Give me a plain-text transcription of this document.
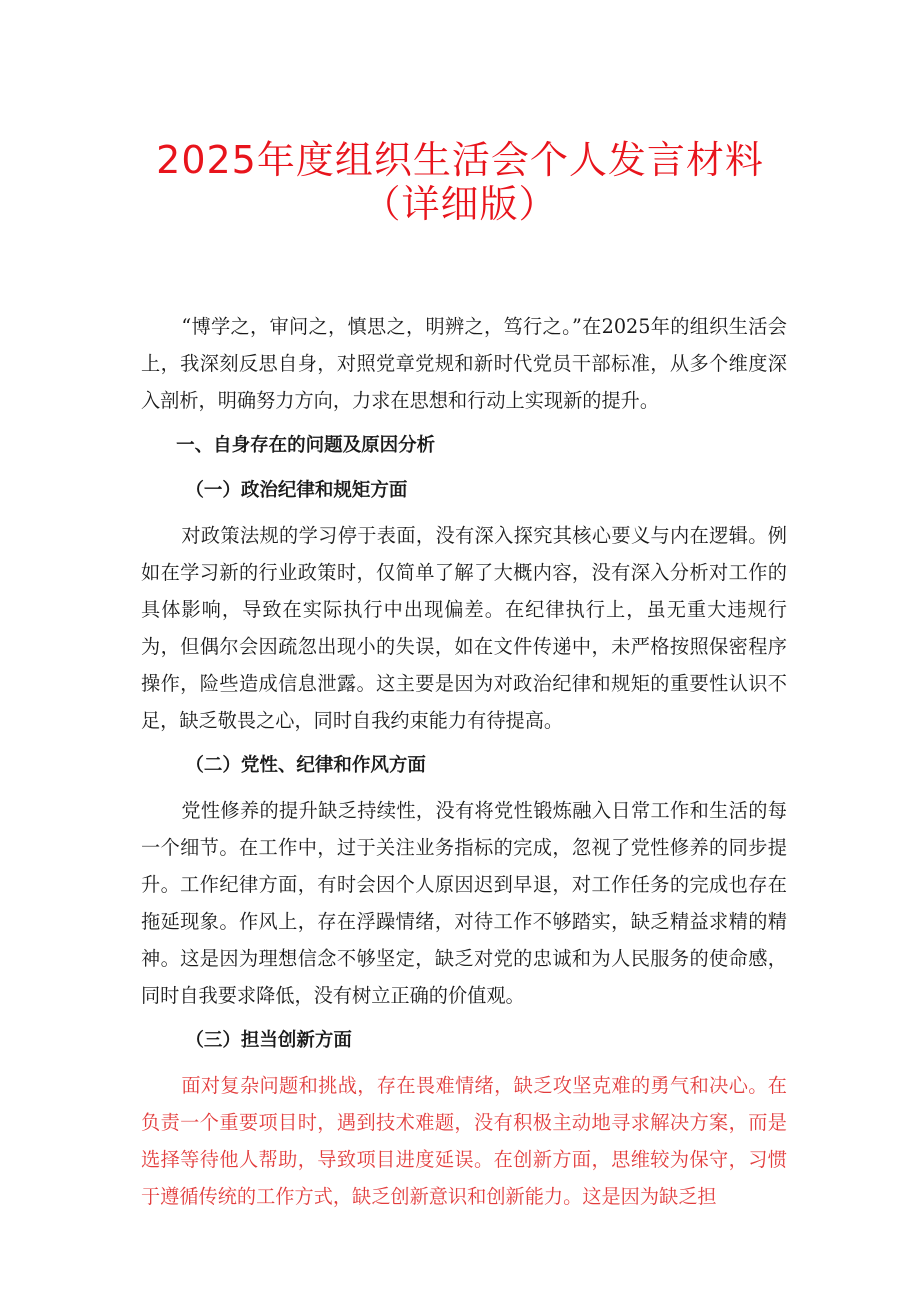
2025年度组织生活会个人发言材料
（详细版）

“博学之，审问之，慎思之，明辨之，笃行之。”在2025年的组织生活会上，我深刻反思自身，对照党章党规和新时代党员干部标准，从多个维度深入剖析，明确努力方向，力求在思想和行动上实现新的提升。

一、自身存在的问题及原因分析
（一）政治纪律和规矩方面

对政策法规的学习停于表面，没有深入探究其核心要义与内在逻辑。例如在学习新的行业政策时，仅简单了解了大概内容，没有深入分析对工作的具体影响，导致在实际执行中出现偏差。在纪律执行上，虽无重大违规行为，但偶尔会因疏忽出现小的失误，如在文件传递中，未严格按照保密程序操作，险些造成信息泄露。这主要是因为对政治纪律和规矩的重要性认识不足，缺乏敬畏之心，同时自我约束能力有待提高。

（二）党性、纪律和作风方面

党性修养的提升缺乏持续性，没有将党性锻炼融入日常工作和生活的每一个细节。在工作中，过于关注业务指标的完成，忽视了党性修养的同步提升。工作纪律方面，有时会因个人原因迟到早退，对工作任务的完成也存在拖延现象。作风上，存在浮躁情绪，对待工作不够踏实，缺乏精益求精的精神。这是因为理想信念不够坚定，缺乏对党的忠诚和为人民服务的使命感，同时自我要求降低，没有树立正确的价值观。

（三）担当创新方面

面对复杂问题和挑战，存在畏难情绪，缺乏攻坚克难的勇气和决心。在负责一个重要项目时，遇到技术难题，没有积极主动地寻求解决方案，而是选择等待他人帮助，导致项目进度延误。在创新方面，思维较为保守，习惯于遵循传统的工作方式，缺乏创新意识和创新能力。这是因为缺乏担
